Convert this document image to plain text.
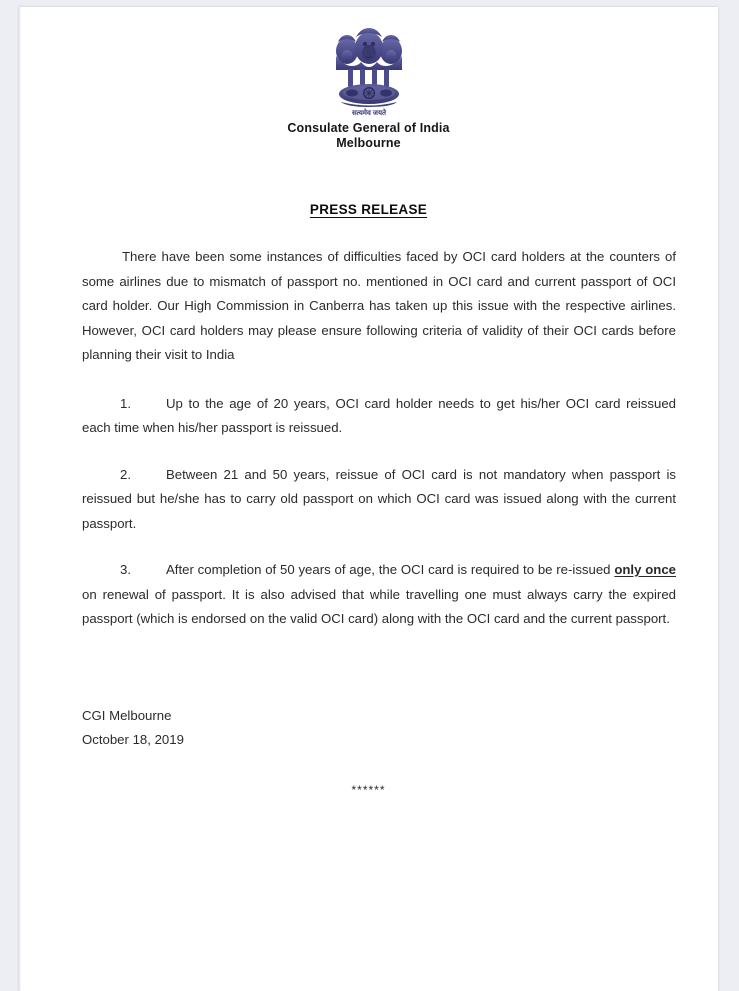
सत्यमेव जयते
Consulate General of India
Melbourne
PRESS RELEASE

There have been some instances of difficulties faced by OCI card holders at the counters of some airlines due to mismatch of passport no. mentioned in OCI card and current passport of OCI card holder. Our High Commission in Canberra has taken up this issue with the respective airlines. However, OCI card holders may please ensure following criteria of validity of their OCI cards before planning their visit to India

1.	Up to the age of 20 years, OCI card holder needs to get his/her OCI card reissued each time when his/her passport is reissued.

2.	Between 21 and 50 years, reissue of OCI card is not mandatory when passport is reissued but he/she has to carry old passport on which OCI card was issued along with the current passport.

3.	After completion of 50 years of age, the OCI card is required to be re-issued only once on renewal of passport. It is also advised that while travelling one must always carry the expired passport (which is endorsed on the valid OCI card) along with the OCI card and the current passport.

CGI Melbourne
October 18, 2019
******
